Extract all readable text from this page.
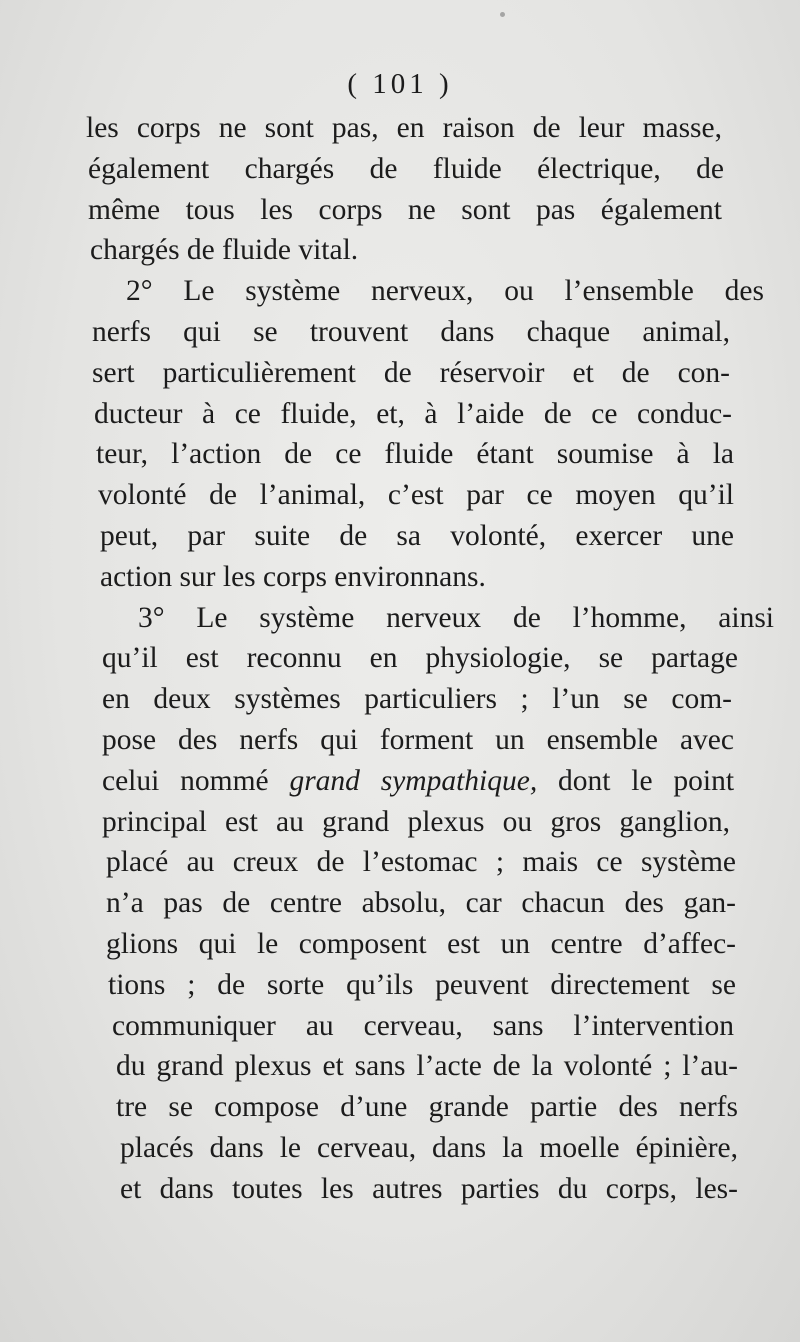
( 101 )
les corps ne sont pas, en raison de leur masse,
également chargés de fluide électrique, de
même tous les corps ne sont pas également
chargés de fluide vital.
2° Le système nerveux, ou l’ensemble des
nerfs qui se trouvent dans chaque animal,
sert particulièrement de réservoir et de con-
ducteur à ce fluide, et, à l’aide de ce conduc-
teur, l’action de ce fluide étant soumise à la
volonté de l’animal, c’est par ce moyen qu’il
peut, par suite de sa volonté, exercer une
action sur les corps environnans.
3° Le système nerveux de l’homme, ainsi
qu’il est reconnu en physiologie, se partage
en deux systèmes particuliers ; l’un se com-
pose des nerfs qui forment un ensemble avec
celui nommé grand sympathique, dont le point
principal est au grand plexus ou gros ganglion,
placé au creux de l’estomac ; mais ce système
n’a pas de centre absolu, car chacun des gan-
glions qui le composent est un centre d’affec-
tions ; de sorte qu’ils peuvent directement se
communiquer au cerveau, sans l’intervention
du grand plexus et sans l’acte de la volonté ; l’au-
tre se compose d’une grande partie des nerfs
placés dans le cerveau, dans la moelle épinière,
et dans toutes les autres parties du corps, les-
